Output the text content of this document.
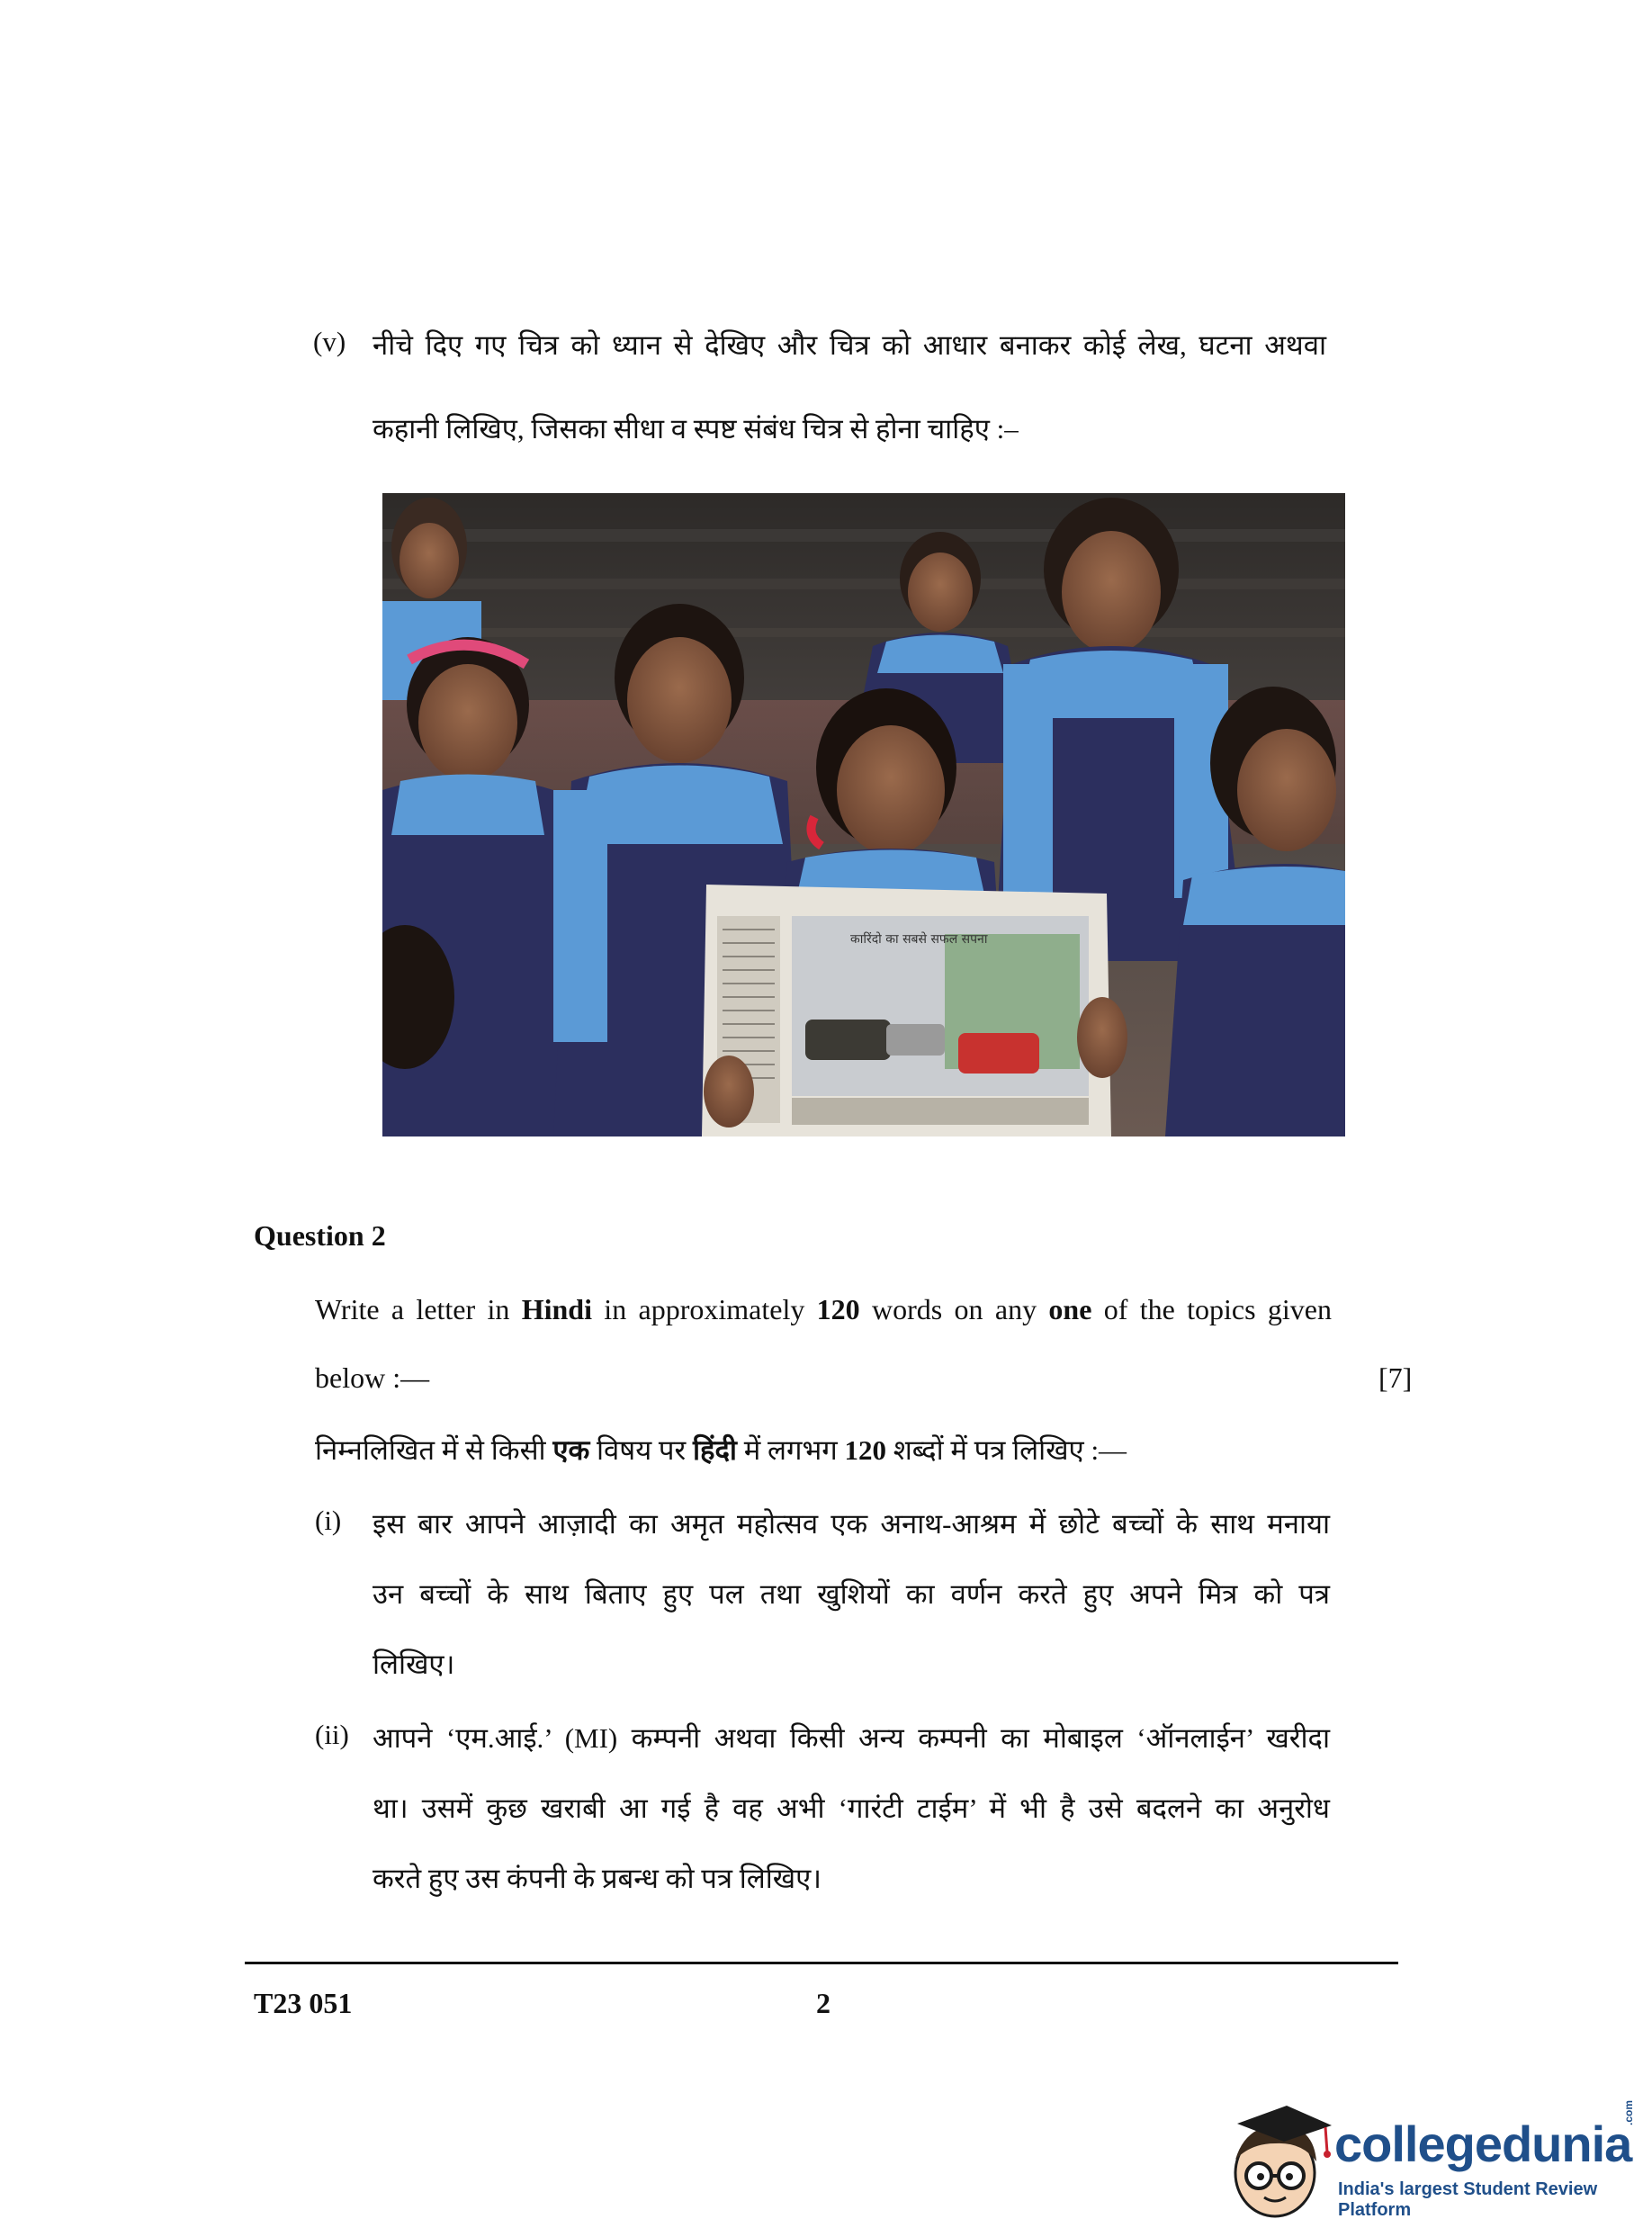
(v) नीचे दिए गए चित्र को ध्यान से देखिए और चित्र को आधार बनाकर कोई लेख, घटना अथवा
कहानी लिखिए, जिसका सीधा व स्पष्ट संबंध चित्र से होना चाहिए :–
कारिंदो का सबसे सफल सपना
Question 2
Write a letter in Hindi in approximately 120 words on any one of the topics given
below :—	[7]
निम्नलिखित में से किसी एक विषय पर हिंदी में लगभग 120 शब्दों में पत्र लिखिए :—
(i) इस बार आपने आज़ादी का अमृत महोत्सव एक अनाथ-आश्रम में छोटे बच्चों के साथ मनाया
उन बच्चों के साथ बिताए हुए पल तथा खुशियों का वर्णन करते हुए अपने मित्र को पत्र
लिखिए।
(ii) आपने ‘एम.आई.’ (MI) कम्पनी अथवा किसी अन्य कम्पनी का मोबाइल ‘ऑनलाईन’ खरीदा
था। उसमें कुछ खराबी आ गई है वह अभी ‘गारंटी टाईम’ में भी है उसे बदलने का अनुरोध
करते हुए उस कंपनी के प्रबन्ध को पत्र लिखिए।
T23 051	2
collegedunia
.com
India's largest Student Review Platform
